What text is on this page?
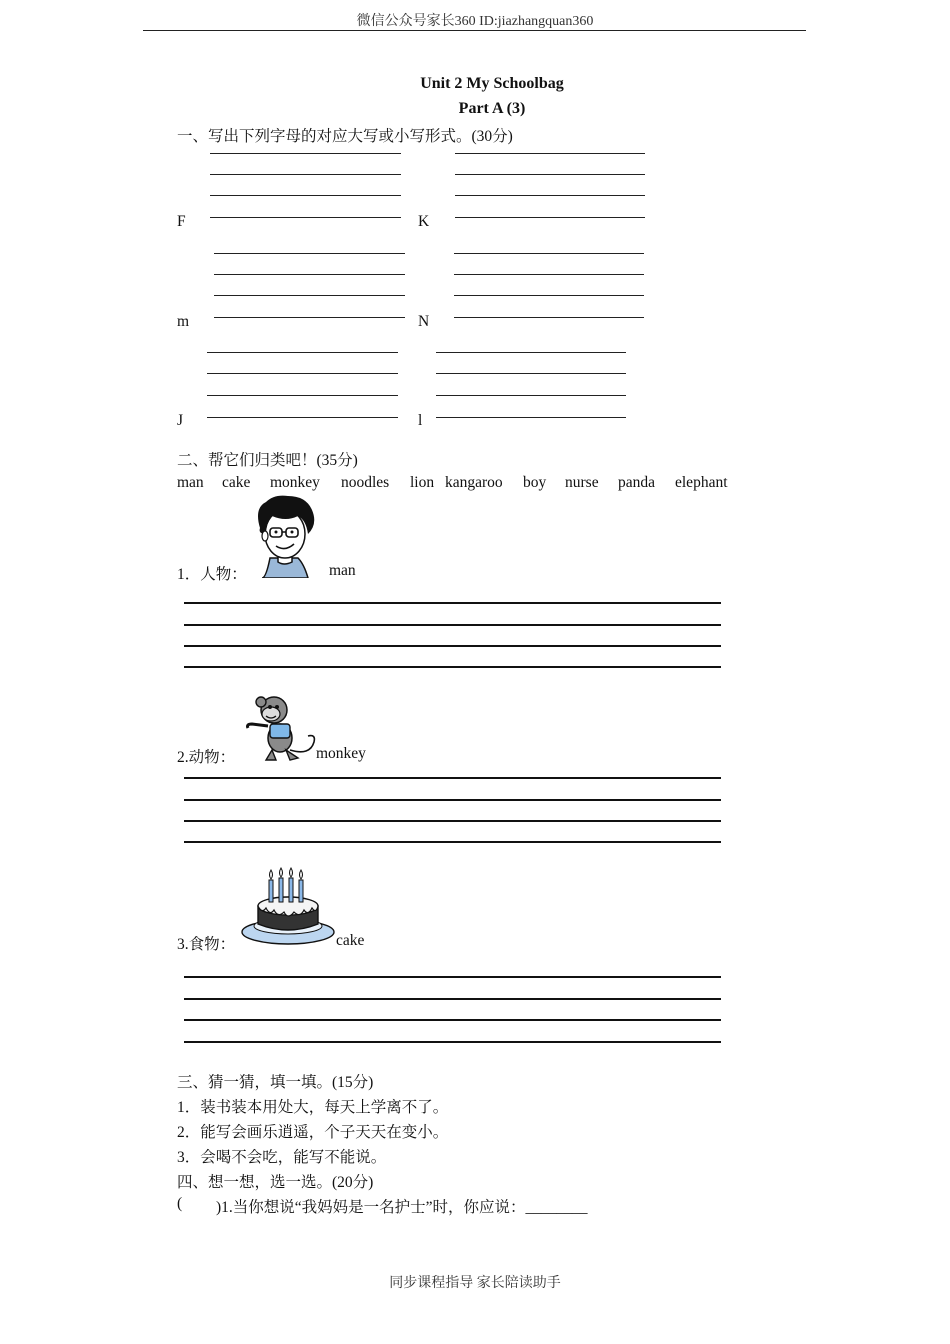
微信公众号家长360 ID:jiazhangquan360
Unit 2 My Schoolbag
Part A (3)
一、写出下列字母的对应大写或小写形式。(30分)
F	K
m	N
J	l
二、帮它们归类吧！(35分)
man cake monkey noodles lion kangaroo boy nurse panda elephant
1．人物：	man
2.动物：	monkey
3.食物：	cake
三、猜一猜，填一填。(15分)
1．装书装本用处大，每天上学离不了。
2．能写会画乐逍遥，个子天天在变小。
3．会喝不会吃，能写不能说。
四、想一想，选一选。(20分)
( )1.当你想说“我妈妈是一名护士”时，你应说：________
同步课程指导 家长陪读助手
